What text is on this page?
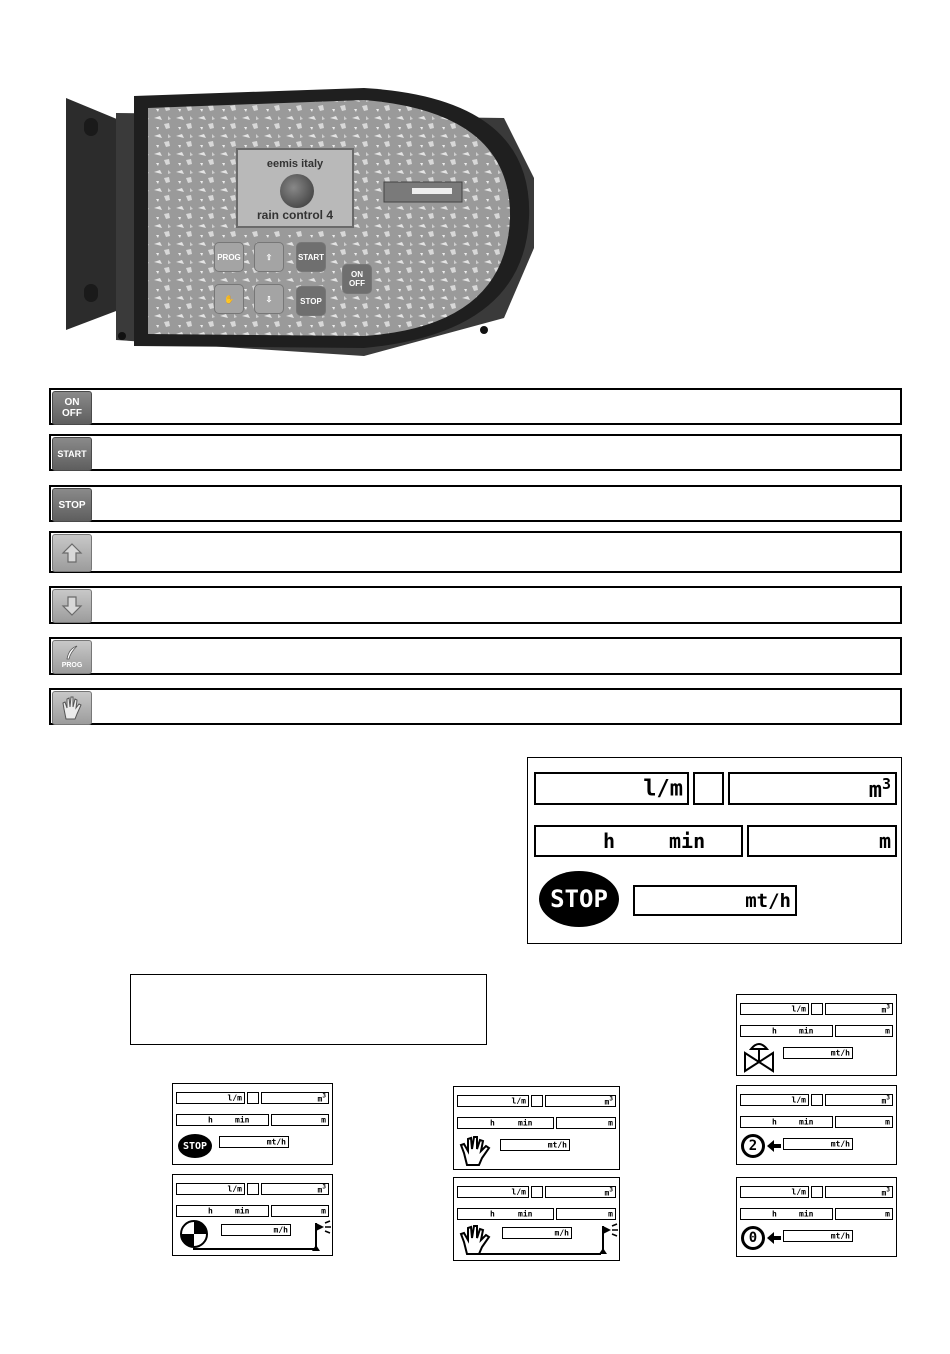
eemis italy
rain control 4
PROG	⇧	START
✋	⇩	STOP
ON
OFF
ON
OFF
START
STOP
PROG
l/m	$m^3$
h	min	m
STOP	mt/h
l/m	$m^3$
h	min	m
mt/h
l/m	$m^3$
h	min	m
mt/h
STOP
l/m	$m^3$
h	min	m
mt/h
l/m	$m^3$
h	min	m
mt/h
2
l/m	$m^3$
h	min	m
m/h
l/m	$m^3$
h	min	m
m/h
l/m	$m^3$
h	min	m
mt/h
0
